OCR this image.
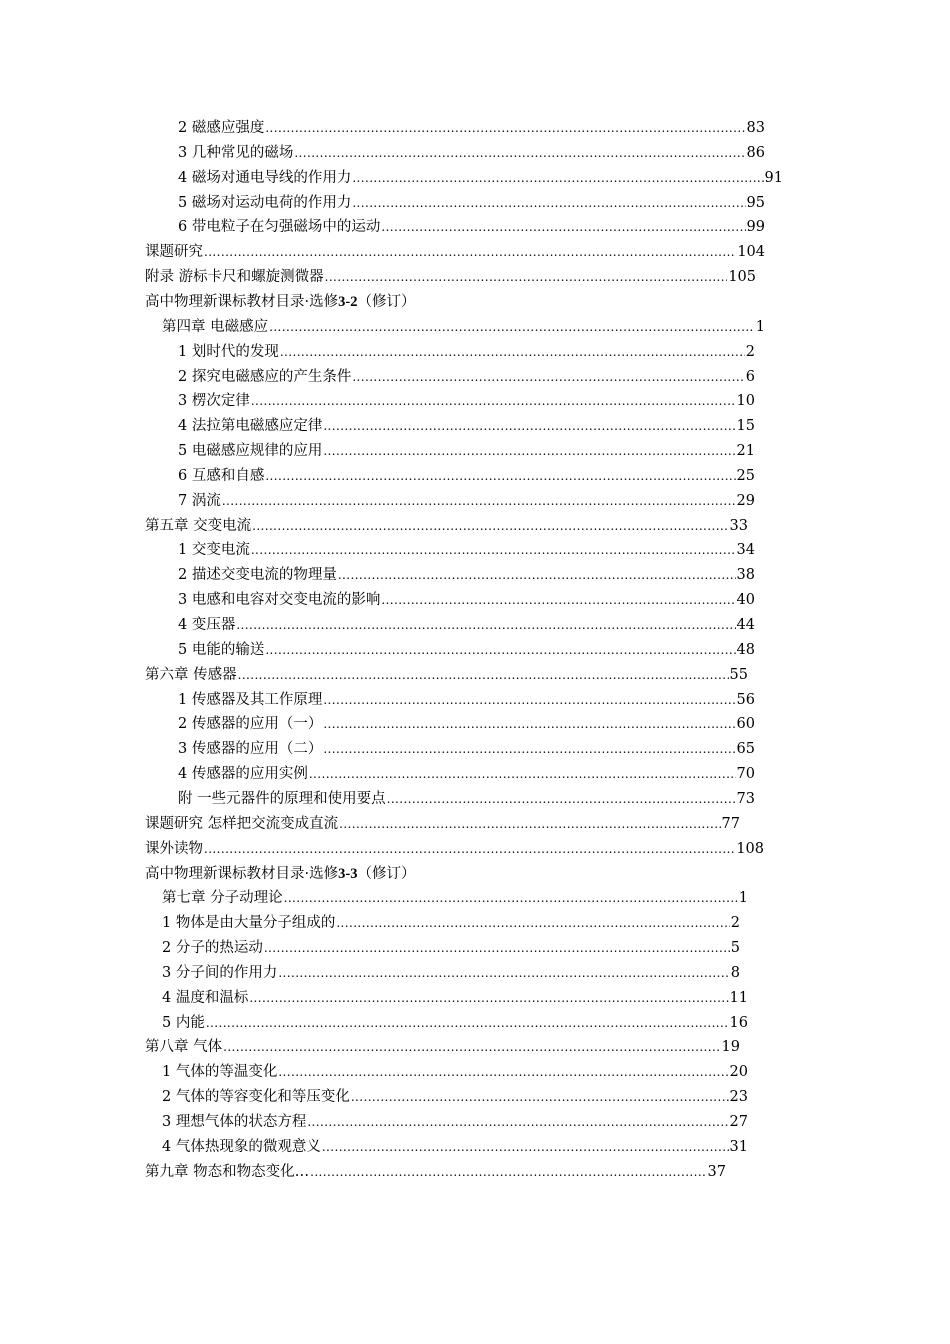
2 磁感应强度 .....	83
3 几种常见的磁场 .....	86
4 磁场对通电导线的作用力 .....	91
5 磁场对运动电荷的作用力 .....	95
6 带电粒子在匀强磁场中的运动 .....	99
课题研究 .....	104
附录 游标卡尺和螺旋测微器 .....	105
高中物理新课标教材目录·选修 3-2 （修订）
第四章 电磁感应 .....	1
1 划时代的发现 .....	2
2 探究电磁感应的产生条件 .....	6
3 楞次定律 .....	10
4 法拉第电磁感应定律 .....	15
5 电磁感应规律的应用 .....	21
6 互感和自感 .....	25
7 涡流 .....	29
第五章 交变电流 .....	33
1 交变电流 .....	34
2 描述交变电流的物理量 .....	38
3 电感和电容对交变电流的影响 .....	40
4 变压器 .....	44
5 电能的输送 .....	48
第六章 传感器 .....	55
1 传感器及其工作原理 .....	56
2 传感器的应用（一） .....	60
3 传感器的应用（二） .....	65
4 传感器的应用实例 .....	70
附 一些元器件的原理和使用要点 .....	73
课题研究 怎样把交流变成直流 .....	77
课外读物 .....	108
高中物理新课标教材目录·选修 3-3 （修订）
第七章 分子动理论 .....	1
1 物体是由大量分子组成的 .....	2
2 分子的热运动 .....	5
3 分子间的作用力 .....	8
4 温度和温标 .....	11
5 内能 .....	16
第八章 气体 .....	19
1 气体的等温变化 .....	20
2 气体的等容变化和等压变化 .....	23
3 理想气体的状态方程 .....	27
4 气体热现象的微观意义 .....	31
第九章 物态和物态变化… .....	37
